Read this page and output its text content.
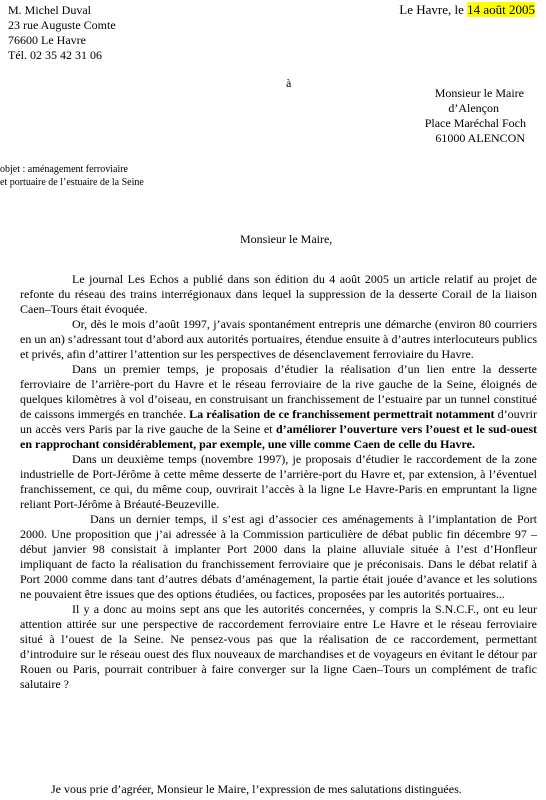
Le Havre, le 14 août 2005
M. Michel Duval
23 rue Auguste Comte
76600 Le Havre
Tél. 02 35 42 31 06
à
Monsieur le Maire
d’Alençon
Place Maréchal Foch
61000 ALENCON
objet : aménagement ferroviaire
et portuaire de l’estuaire de la Seine
Monsieur le Maire,

Le journal Les Echos a publié dans son édition du 4 août 2005 un article relatif au projet de refonte du réseau des trains interrégionaux dans lequel la suppression de la desserte Corail de la liaison Caen–Tours était évoquée.

Or, dès le mois d’août 1997, j’avais spontanément entrepris une démarche (environ 80 courriers en un an) s’adressant tout d’abord aux autorités portuaires, étendue ensuite à d’autres interlocuteurs publics et privés, afin d’attirer l’attention sur les perspectives de désenclavement ferroviaire du Havre.

Dans un premier temps, je proposais d’étudier la réalisation d’un lien entre la desserte ferroviaire de l’arrière-port du Havre et le réseau ferroviaire de la rive gauche de la Seine, éloignés de quelques kilomètres à vol d’oiseau, en construisant un franchissement de l’estuaire par un tunnel constitué de caissons immergés en tranchée. La réalisation de ce franchissement permettrait notamment d’ouvrir un accès vers Paris par la rive gauche de la Seine et d’améliorer l’ouverture vers l’ouest et le sud-ouest en rapprochant considérablement, par exemple, une ville comme Caen de celle du Havre.

Dans un deuxième temps (novembre 1997), je proposais d’étudier le raccordement de la zone industrielle de Port-Jérôme à cette même desserte de l’arrière-port du Havre et, par extension, à l’éventuel franchissement, ce qui, du même coup, ouvrirait l’accès à la ligne Le Havre-Paris en empruntant la ligne reliant Port-Jérôme à Bréauté-Beuzeville.

Dans un dernier temps, il s’est agi d’associer ces aménagements à l’implantation de Port 2000. Une proposition que j’ai adressée à la Commission particulière de débat public fin décembre 97 – début janvier 98 consistait à implanter Port 2000 dans la plaine alluviale située à l’est d’Honfleur impliquant de facto la réalisation du franchissement ferroviaire que je préconisais. Dans le débat relatif à Port 2000 comme dans tant d’autres débats d’aménagement, la partie était jouée d’avance et les solutions ne pouvaient être issues que des options étudiées, ou factices, proposées par les autorités portuaires...

Il y a donc au moins sept ans que les autorités concernées, y compris la S.N.C.F., ont eu leur attention attirée sur une perspective de raccordement ferroviaire entre Le Havre et le réseau ferroviaire situé à l’ouest de la Seine. Ne pensez-vous pas que la réalisation de ce raccordement, permettant d’introduire sur le réseau ouest des flux nouveaux de marchandises et de voyageurs en évitant le détour par Rouen ou Paris, pourrait contribuer à faire converger sur la ligne Caen–Tours un complément de trafic salutaire ?

Je vous prie d’agréer, Monsieur le Maire, l’expression de mes salutations distinguées.
